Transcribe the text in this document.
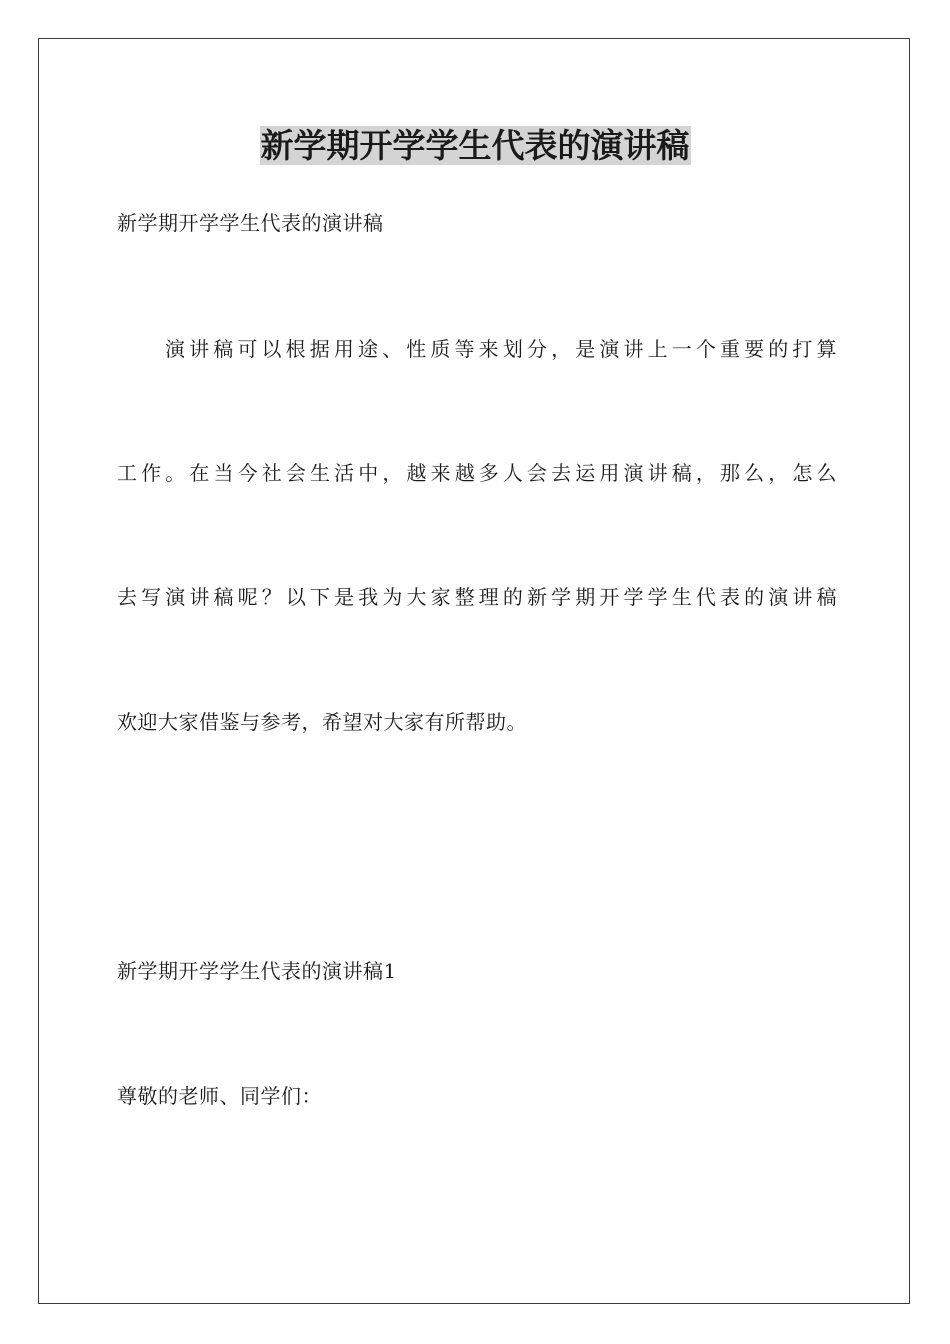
新学期开学学生代表的演讲稿

新学期开学学生代表的演讲稿

演讲稿可以根据用途、性质等来划分，是演讲上一个重要的打算

工作。在当今社会生活中，越来越多人会去运用演讲稿，那么，怎么

去写演讲稿呢？以下是我为大家整理的新学期开学学生代表的演讲稿

欢迎大家借鉴与参考，希望对大家有所帮助。

新学期开学学生代表的演讲稿1

尊敬的老师、同学们：
